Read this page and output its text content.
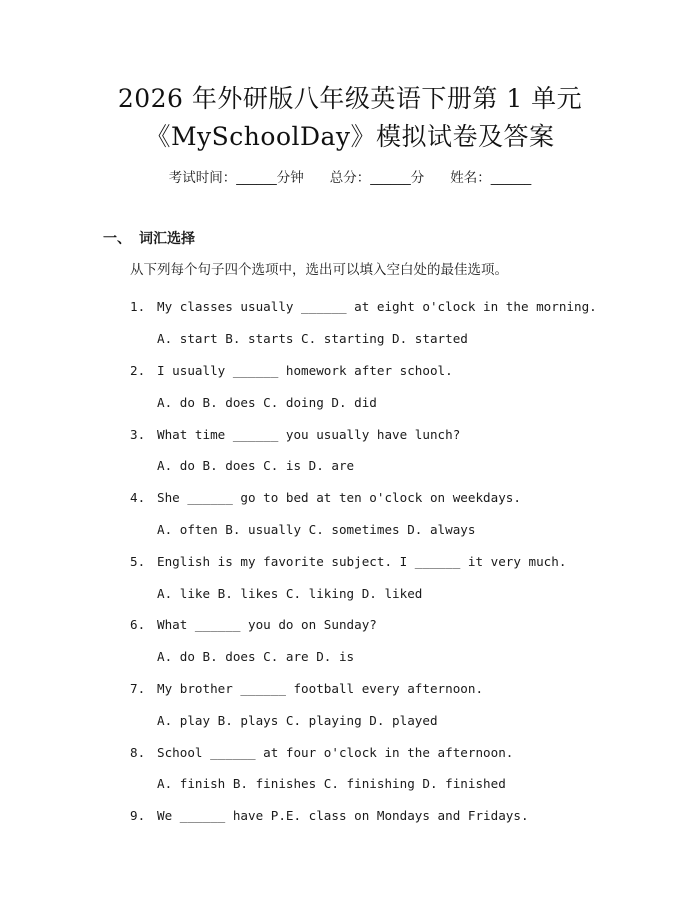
2026 年外研版八年级英语下册第 1 单元
《MySchoolDay》模拟试卷及答案
考试时间：______分钟 总分：______分 姓名：______
一、 词汇选择
从下列每个句子四个选项中，选出可以填入空白处的最佳选项。
1. My classes usually ______ at eight o'clock in the morning.
A. start B. starts C. starting D. started
2. I usually ______ homework after school.
A. do B. does C. doing D. did
3. What time ______ you usually have lunch?
A. do B. does C. is D. are
4. She ______ go to bed at ten o'clock on weekdays.
A. often B. usually C. sometimes D. always
5. English is my favorite subject. I ______ it very much.
A. like B. likes C. liking D. liked
6. What ______ you do on Sunday?
A. do B. does C. are D. is
7. My brother ______ football every afternoon.
A. play B. plays C. playing D. played
8. School ______ at four o'clock in the afternoon.
A. finish B. finishes C. finishing D. finished
9. We ______ have P.E. class on Mondays and Fridays.
